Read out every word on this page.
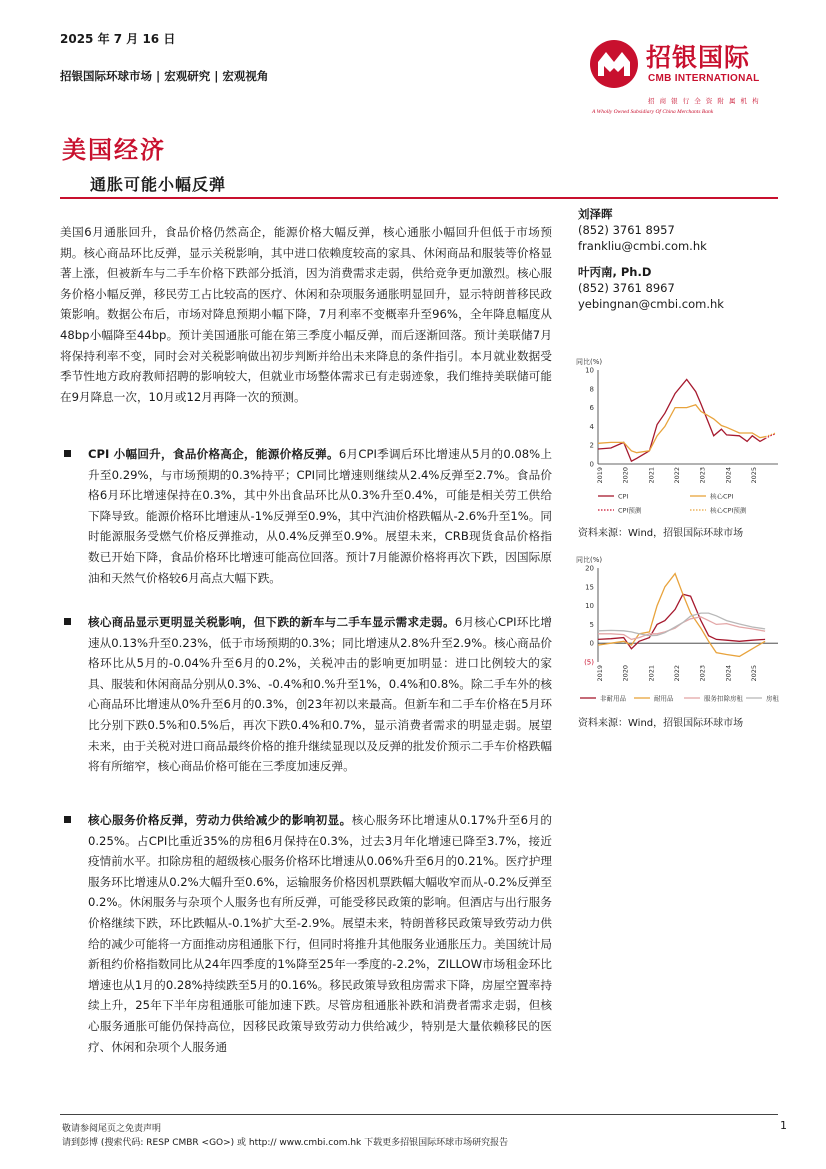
2025 年 7 月 16 日
招银国际环球市场 | 宏观研究 | 宏观视角
招银国际
CMB INTERNATIONAL
招 商 银 行 全 资 附 属 机 构
A Wholly Owned Subsidiary Of China Merchants Bank
美国经济
通胀可能小幅反弹
美国6月通胀回升，食品价格仍然高企，能源价格大幅反弹，核心通胀小幅回升但低于市场预期。核心商品环比反弹，显示关税影响，其中进口依赖度较高的家具、休闲商品和服装等价格显著上涨，但被新车与二手车价格下跌部分抵消，因为消费需求走弱，供给竞争更加激烈。核心服务价格小幅反弹，移民劳工占比较高的医疗、休闲和杂项服务通胀明显回升，显示特朗普移民政策影响。数据公布后，市场对降息预期小幅下降，7月利率不变概率升至96%，全年降息幅度从48bp小幅降至44bp。预计美国通胀可能在第三季度小幅反弹，而后逐渐回落。预计美联储7月将保持利率不变，同时会对关税影响做出初步判断并给出未来降息的条件指引。本月就业数据受季节性地方政府教师招聘的影响较大，但就业市场整体需求已有走弱迹象，我们维持美联储可能在9月降息一次，10月或12月再降一次的预测。
CPI 小幅回升，食品价格高企，能源价格反弹。6月CPI季调后环比增速从5月的0.08%上升至0.29%，与市场预期的0.3%持平；CPI同比增速则继续从2.4%反弹至2.7%。食品价格6月环比增速保持在0.3%，其中外出食品环比从0.3%升至0.4%，可能是相关劳工供给下降导致。能源价格环比增速从-1%反弹至0.9%，其中汽油价格跌幅从-2.6%升至1%。同时能源服务受燃气价格反弹推动，从0.4%反弹至0.9%。展望未来，CRB现货食品价格指数已开始下降，食品价格环比增速可能高位回落。预计7月能源价格将再次下跌，因国际原油和天然气价格较6月高点大幅下跌。
核心商品显示更明显关税影响，但下跌的新车与二手车显示需求走弱。6月核心CPI环比增速从0.13%升至0.23%，低于市场预期的0.3%；同比增速从2.8%升至2.9%。核心商品价格环比从5月的-0.04%升至6月的0.2%，关税冲击的影响更加明显：进口比例较大的家具、服装和休闲商品分别从0.3%、-0.4%和0.%升至1%，0.4%和0.8%。除二手车外的核心商品环比增速从0%升至6月的0.3%，创23年初以来最高。但新车和二手车价格在5月环比分别下跌0.5%和0.5%后，再次下跌0.4%和0.7%，显示消费者需求的明显走弱。展望未来，由于关税对进口商品最终价格的推升继续显现以及反弹的批发价预示二手车价格跌幅将有所缩窄，核心商品价格可能在三季度加速反弹。
核心服务价格反弹，劳动力供给减少的影响初显。核心服务环比增速从0.17%升至6月的0.25%。占CPI比重近35%的房租6月保持在0.3%，过去3月年化增速已降至3.7%，接近疫情前水平。扣除房租的超级核心服务价格环比增速从0.06%升至6月的0.21%。医疗护理服务环比增速从0.2%大幅升至0.6%，运输服务价格因机票跌幅大幅收窄而从-0.2%反弹至0.2%。休闲服务与杂项个人服务也有所反弹，可能受移民政策的影响。但酒店与出行服务价格继续下跌，环比跌幅从-0.1%扩大至-2.9%。展望未来，特朗普移民政策导致劳动力供给的减少可能将一方面推动房租通胀下行，但同时将推升其他服务业通胀压力。美国统计局新租约价格指数同比从24年四季度的1%降至25年一季度的-2.2%，ZILLOW市场租金环比增速也从1月的0.28%持续跌至5月的0.16%。移民政策导致租房需求下降，房屋空置率持续上升，25年下半年房租通胀可能加速下跌。尽管房租通胀补跌和消费者需求走弱，但核心服务通胀可能仍保持高位，因移民政策导致劳动力供给减少，特别是大量依赖移民的医疗、休闲和杂项个人服务通
刘泽晖
(852) 3761 8957
frankliu@cmbi.com.hk
叶丙南, Ph.D
(852) 3761 8967
yebingnan@cmbi.com.hk
同比(%)
0
2
4
6
8
10
2019	2020	2021	2022	2023	2024	2025
CPI	核心CPI
CPI预测	核心CPI预测
资料来源：Wind，招银国际环球市场
同比(%)
(5)
0
5
10
15
20
2019	2020	2021	2022	2023	2024	2025
非耐用品	耐用品	服务扣除房租	房租
资料来源：Wind，招银国际环球市场
敬请参阅尾页之免责声明
请到彭博 (搜索代码: RESP CMBR <GO>) 或 http:// www.cmbi.com.hk 下载更多招银国际环球市场研究报告
1
